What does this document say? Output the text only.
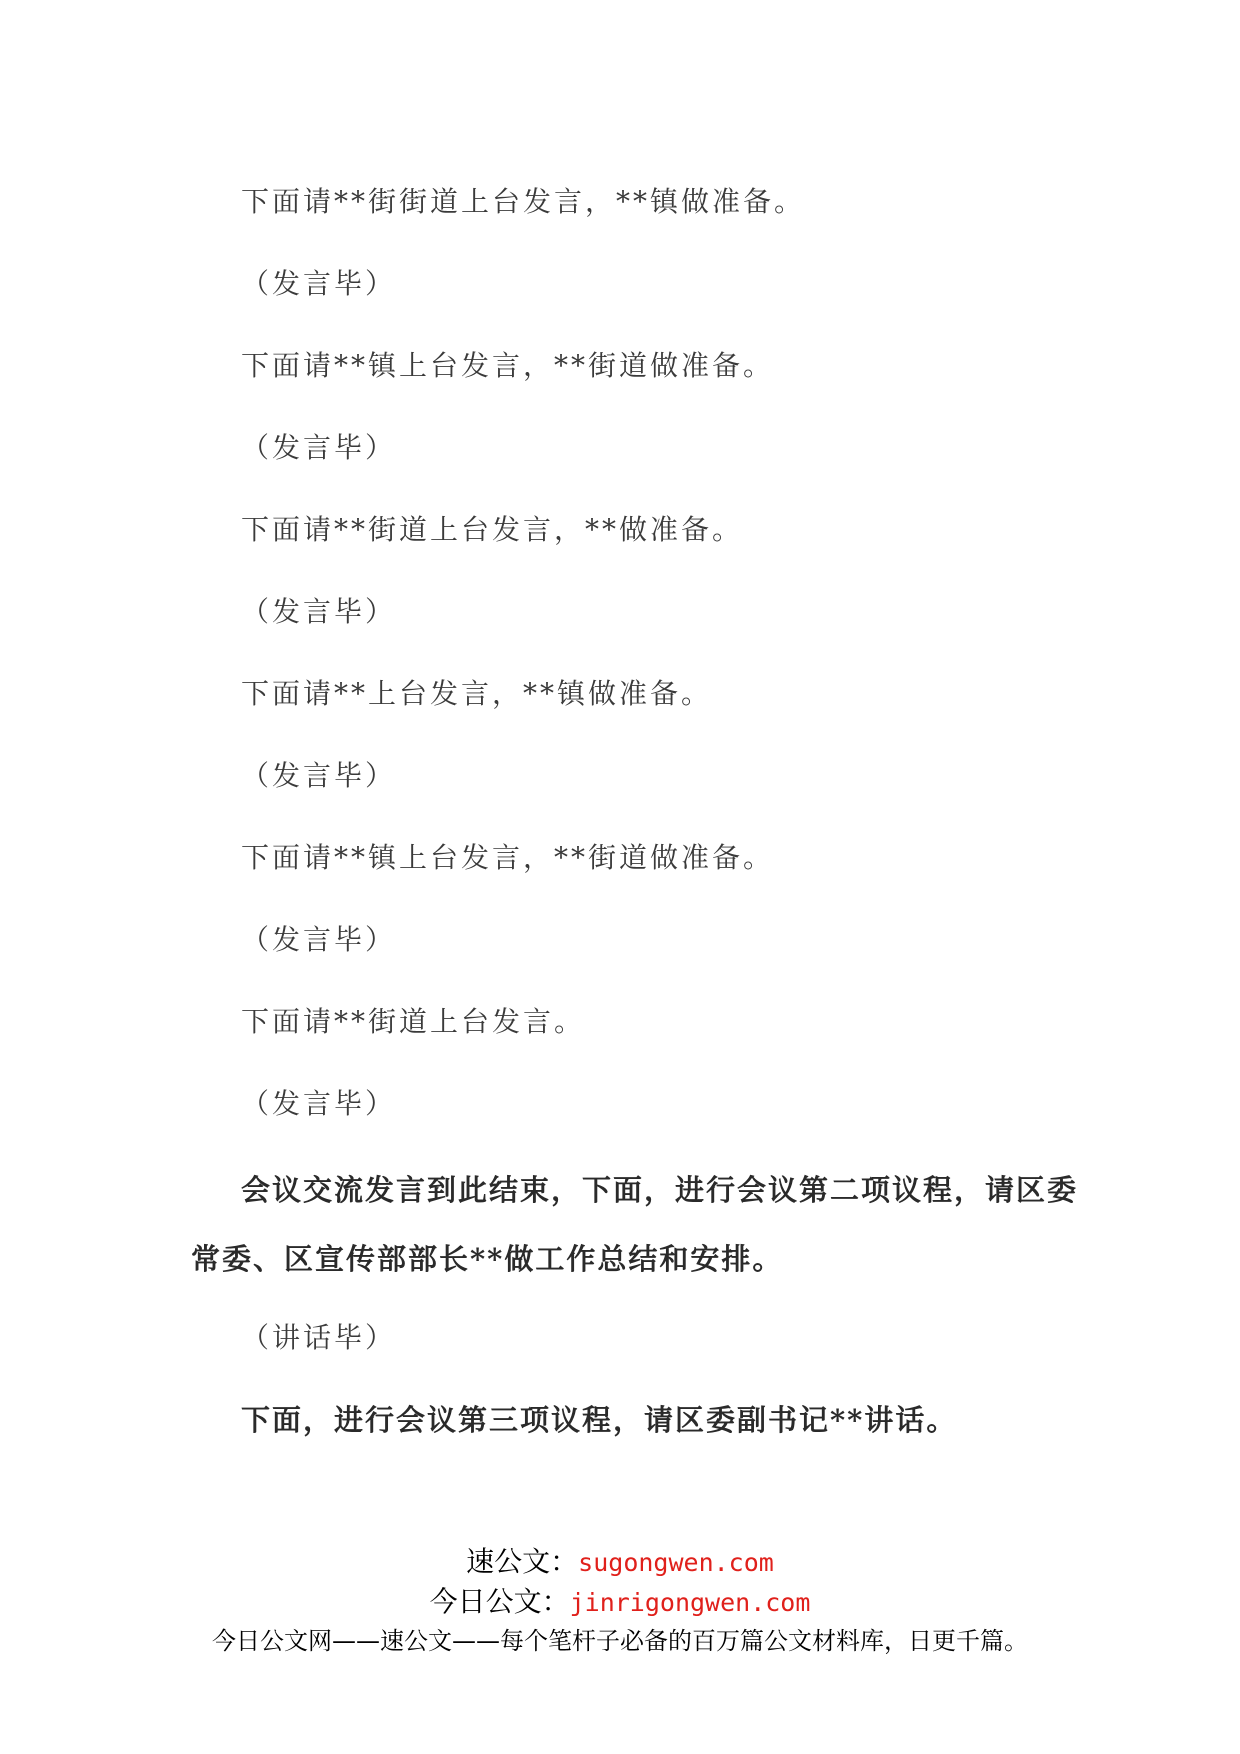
下面请**街街道上台发言，**镇做准备。
（发言毕）
下面请**镇上台发言，**街道做准备。
（发言毕）
下面请**街道上台发言，**做准备。
（发言毕）
下面请**上台发言，**镇做准备。
（发言毕）
下面请**镇上台发言，**街道做准备。
（发言毕）
下面请**街道上台发言。
（发言毕）
会议交流发言到此结束，下面，进行会议第二项议程，请区委
常委、区宣传部部长**做工作总结和安排。
（讲话毕）
下面，进行会议第三项议程，请区委副书记**讲话。
速公文：sugongwen.com
今日公文：jinrigongwen.com
今日公文网——速公文——每个笔杆子必备的百万篇公文材料库，日更千篇。
